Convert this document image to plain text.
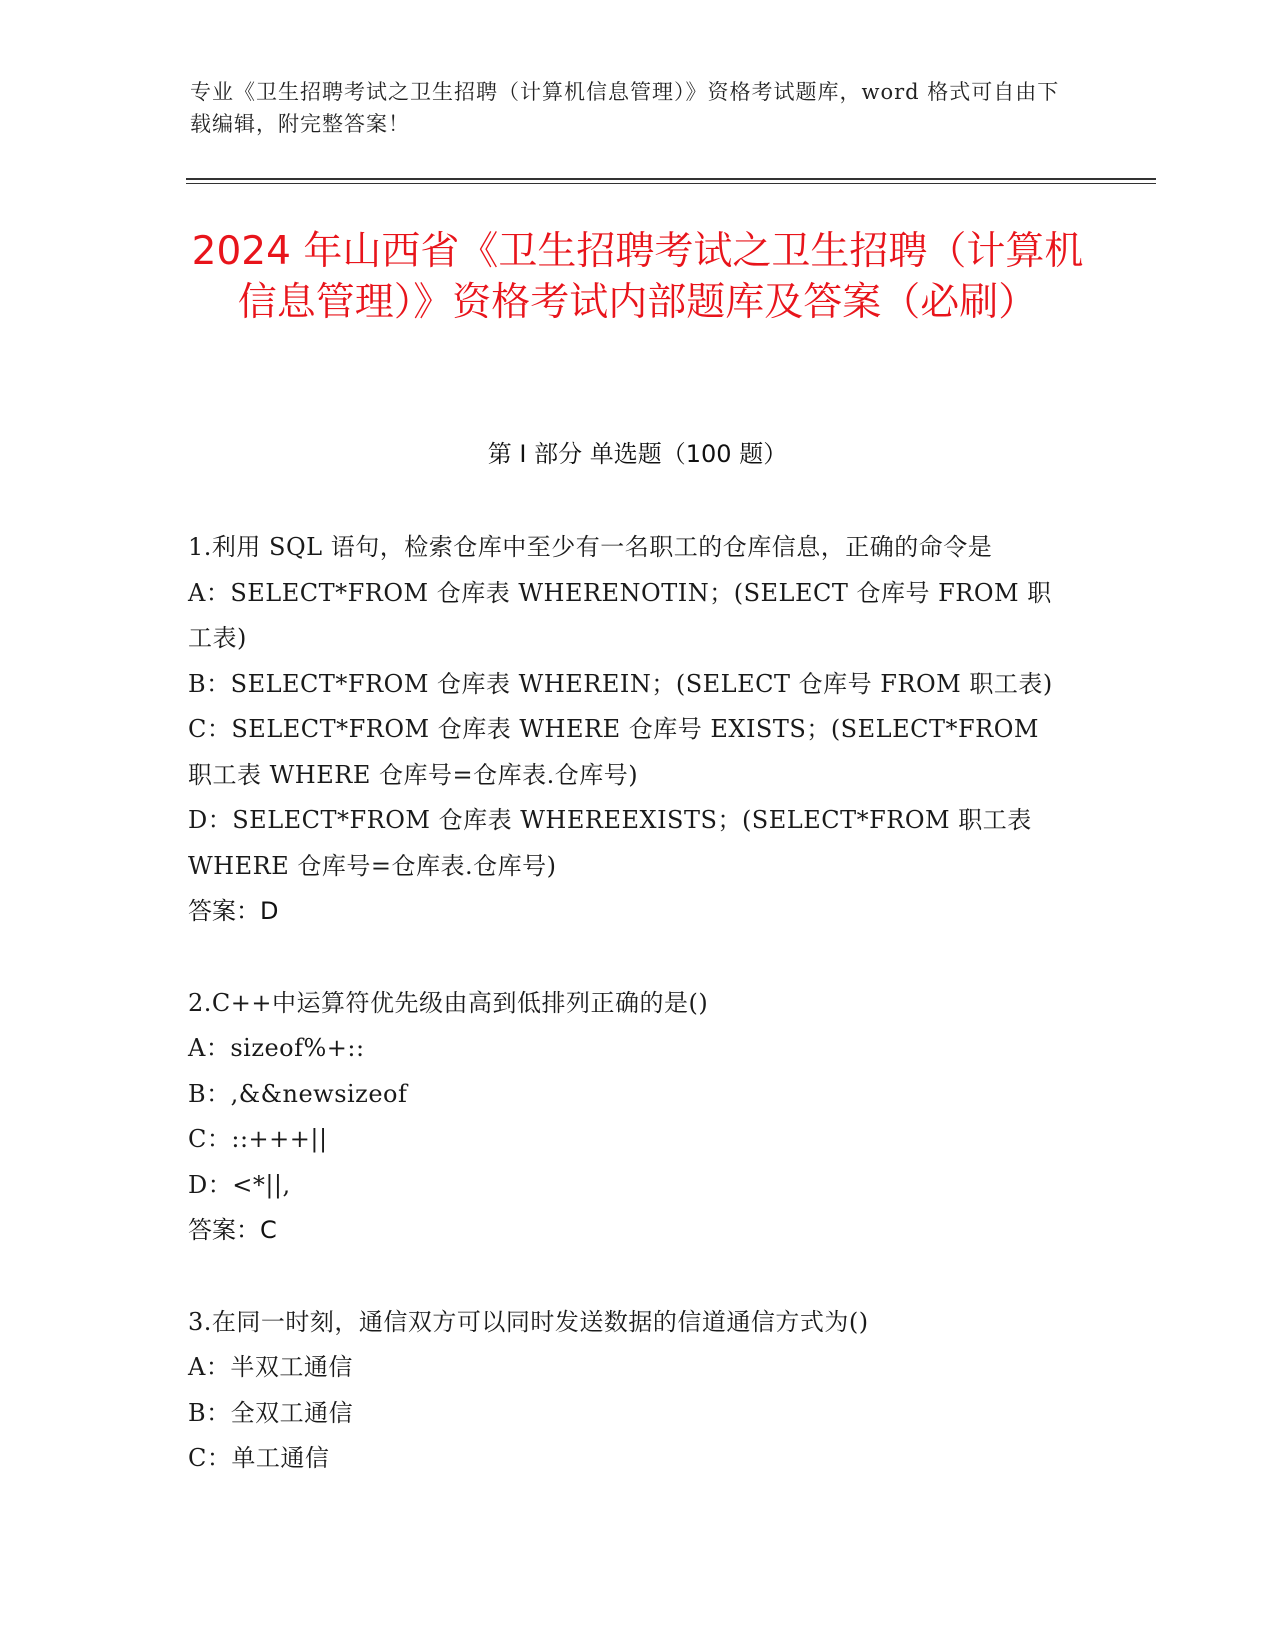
专业《卫生招聘考试之卫生招聘（计算机信息管理）》资格考试题库，word 格式可自由下载编辑，附完整答案！
2024 年山西省《卫生招聘考试之卫生招聘（计算机信息管理）》资格考试内部题库及答案（必刷）
第 I 部分 单选题（100 题）

1.利用 SQL 语句，检索仓库中至少有一名职工的仓库信息，正确的命令是

A：SELECT*FROM 仓库表 WHERENOTIN；(SELECT 仓库号 FROM 职工表)

B：SELECT*FROM 仓库表 WHEREIN；(SELECT 仓库号 FROM 职工表)

C：SELECT*FROM 仓库表 WHERE 仓库号 EXISTS；(SELECT*FROM 职工表 WHERE 仓库号=仓库表.仓库号)

D：SELECT*FROM 仓库表 WHEREEXISTS；(SELECT*FROM 职工表 WHERE 仓库号=仓库表.仓库号)

答案：D

2.C++中运算符优先级由高到低排列正确的是()

A：sizeof%+::

B：,&&newsizeof

C：::+++||

D：<*||,

答案：C

3.在同一时刻，通信双方可以同时发送数据的信道通信方式为()

A：半双工通信

B：全双工通信

C：单工通信
